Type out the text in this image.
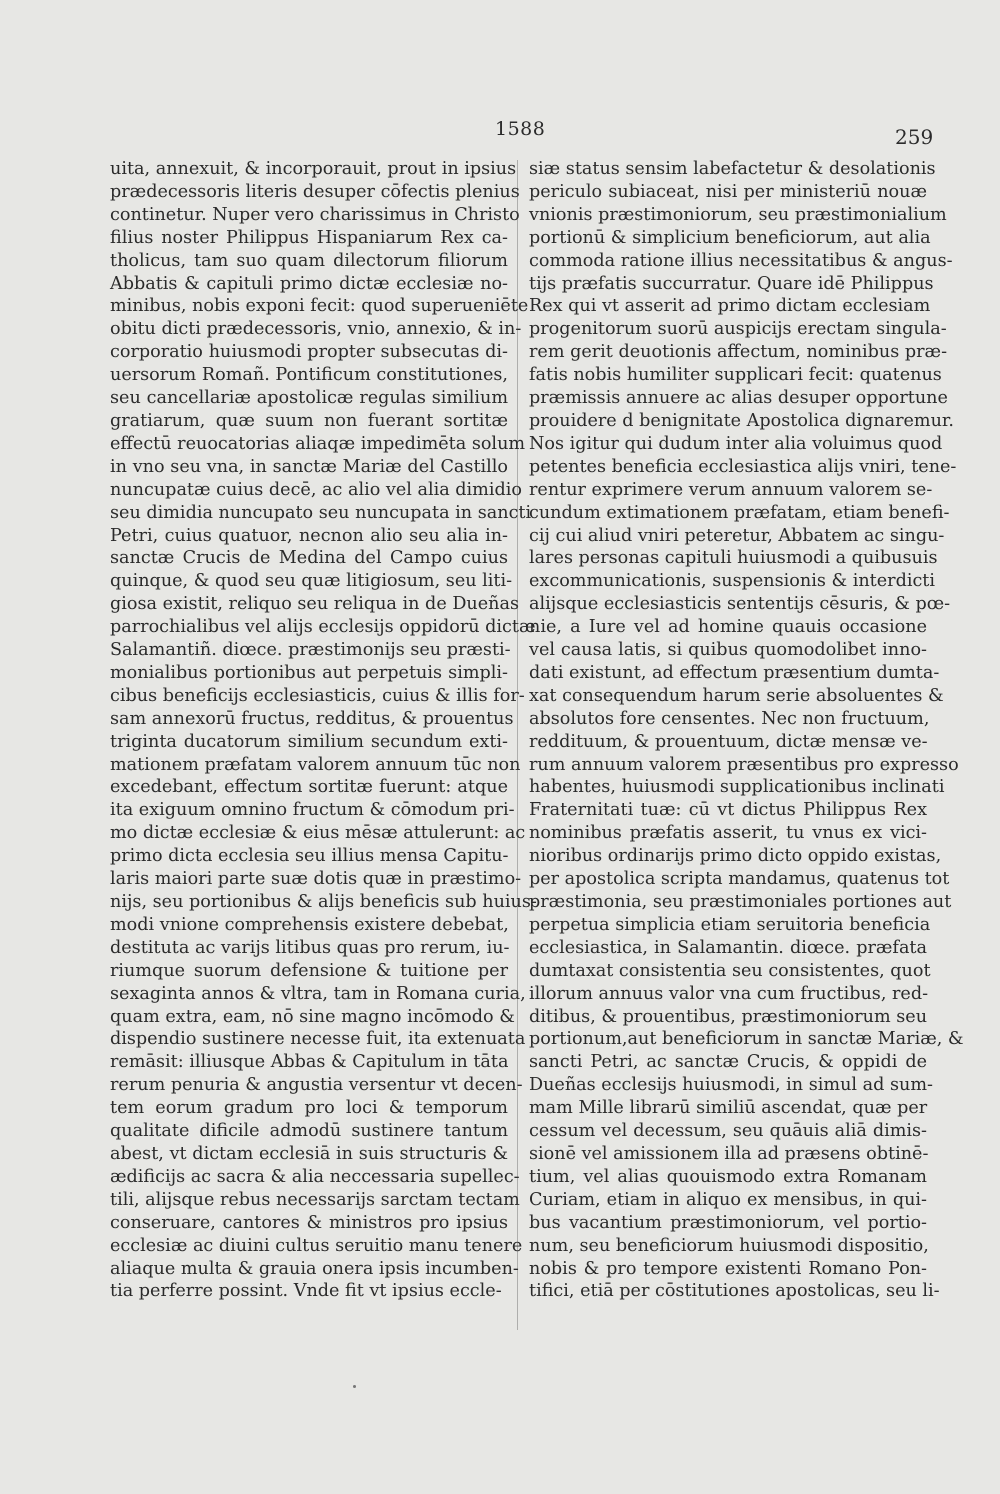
1588	259
uita, annexuit, & incorporauit, prout in ipsius
prædecessoris literis desuper cōfectis plenius
continetur. Nuper vero charissimus in Christo
filius noster Philippus Hispaniarum Rex ca-
tholicus, tam suo quam dilectorum filiorum
Abbatis & capituli primo dictæ ecclesiæ no-
minibus, nobis exponi fecit: quod superueniēte
obitu dicti prædecessoris, vnio, annexio, & in-
corporatio huiusmodi propter subsecutas di-
uersorum Romañ. Pontificum constitutiones,
seu cancellariæ apostolicæ regulas similium
gratiarum, quæ suum non fuerant sortitæ
effectū reuocatorias aliaqæ impedimēta solum
in vno seu vna, in sanctæ Mariæ del Castillo
nuncupatæ cuius decē, ac alio vel alia dimidio
seu dimidia nuncupato seu nuncupata in sancti
Petri, cuius quatuor, necnon alio seu alia in-
sanctæ Crucis de Medina del Campo cuius
quinque, & quod seu quæ litigiosum, seu liti-
giosa existit, reliquo seu reliqua in de Dueñas
parrochialibus vel alijs ecclesijs oppidorū dictæ
Salamantiñ. diœce. præstimonijs seu præsti-
monialibus portionibus aut perpetuis simpli-
cibus beneficijs ecclesiasticis, cuius & illis for-
sam annexorū fructus, redditus, & prouentus
triginta ducatorum similium secundum exti-
mationem præfatam valorem annuum tūc non
excedebant, effectum sortitæ fuerunt: atque
ita exiguum omnino fructum & cōmodum pri-
mo dictæ ecclesiæ & eius mēsæ attulerunt: ac
primo dicta ecclesia seu illius mensa Capitu-
laris maiori parte suæ dotis quæ in præstimo-
nijs, seu portionibus & alijs beneficis sub huius-
modi vnione comprehensis existere debebat,
destituta ac varijs litibus quas pro rerum, iu-
riumque suorum defensione & tuitione per
sexaginta annos & vltra, tam in Romana curia,
quam extra, eam, nō sine magno incōmodo &
dispendio sustinere necesse fuit, ita extenuata
remāsit: illiusque Abbas & Capitulum in tāta
rerum penuria & angustia versentur vt decen-
tem eorum gradum pro loci & temporum
qualitate dificile admodū sustinere tantum
abest, vt dictam ecclesiā in suis structuris &
ædificijs ac sacra & alia neccessaria supellec-
tili, alijsque rebus necessarijs sarctam tectam
conseruare, cantores & ministros pro ipsius
ecclesiæ ac diuini cultus seruitio manu tenere
aliaque multa & grauia onera ipsis incumben-
tia perferre possint. Vnde fit vt ipsius eccle-
siæ status sensim labefactetur & desolationis
periculo subiaceat, nisi per ministeriū nouæ
vnionis præstimoniorum, seu præstimonialium
portionū & simplicium beneficiorum, aut alia
commoda ratione illius necessitatibus & angus-
tijs præfatis succurratur. Quare idē Philippus
Rex qui vt asserit ad primo dictam ecclesiam
progenitorum suorū auspicijs erectam singula-
rem gerit deuotionis affectum, nominibus præ-
fatis nobis humiliter supplicari fecit: quatenus
præmissis annuere ac alias desuper opportune
prouidere d benignitate Apostolica dignaremur.
Nos igitur qui dudum inter alia voluimus quod
petentes beneficia ecclesiastica alijs vniri, tene-
rentur exprimere verum annuum valorem se-
cundum extimationem præfatam, etiam benefi-
cij cui aliud vniri peteretur, Abbatem ac singu-
lares personas capituli huiusmodi a quibusuis
excommunicationis, suspensionis & interdicti
alijsque ecclesiasticis sententijs cēsuris, & pœ-
nie, a Iure vel ad homine quauis occasione
vel causa latis, si quibus quomodolibet inno-
dati existunt, ad effectum præsentium dumta-
xat consequendum harum serie absoluentes &
absolutos fore censentes. Nec non fructuum,
reddituum, & prouentuum, dictæ mensæ ve-
rum annuum valorem præsentibus pro expresso
habentes, huiusmodi supplicationibus inclinati
Fraternitati tuæ: cū vt dictus Philippus Rex
nominibus præfatis asserit, tu vnus ex vici-
nioribus ordinarijs primo dicto oppido existas,
per apostolica scripta mandamus, quatenus tot
præstimonia, seu præstimoniales portiones aut
perpetua simplicia etiam seruitoria beneficia
ecclesiastica, in Salamantin. diœce. præfata
dumtaxat consistentia seu consistentes, quot
illorum annuus valor vna cum fructibus, red-
ditibus, & prouentibus, præstimoniorum seu
portionum,aut beneficiorum in sanctæ Mariæ, &
sancti Petri, ac sanctæ Crucis, & oppidi de
Dueñas ecclesijs huiusmodi, in simul ad sum-
mam Mille librarū similiū ascendat, quæ per
cessum vel decessum, seu quāuis aliā dimis-
sionē vel amissionem illa ad præsens obtinē-
tium, vel alias quouismodo extra Romanam
Curiam, etiam in aliquo ex mensibus, in qui-
bus vacantium præstimoniorum, vel portio-
num, seu beneficiorum huiusmodi dispositio,
nobis & pro tempore existenti Romano Pon-
tifici, etiā per cōstitutiones apostolicas, seu li-
